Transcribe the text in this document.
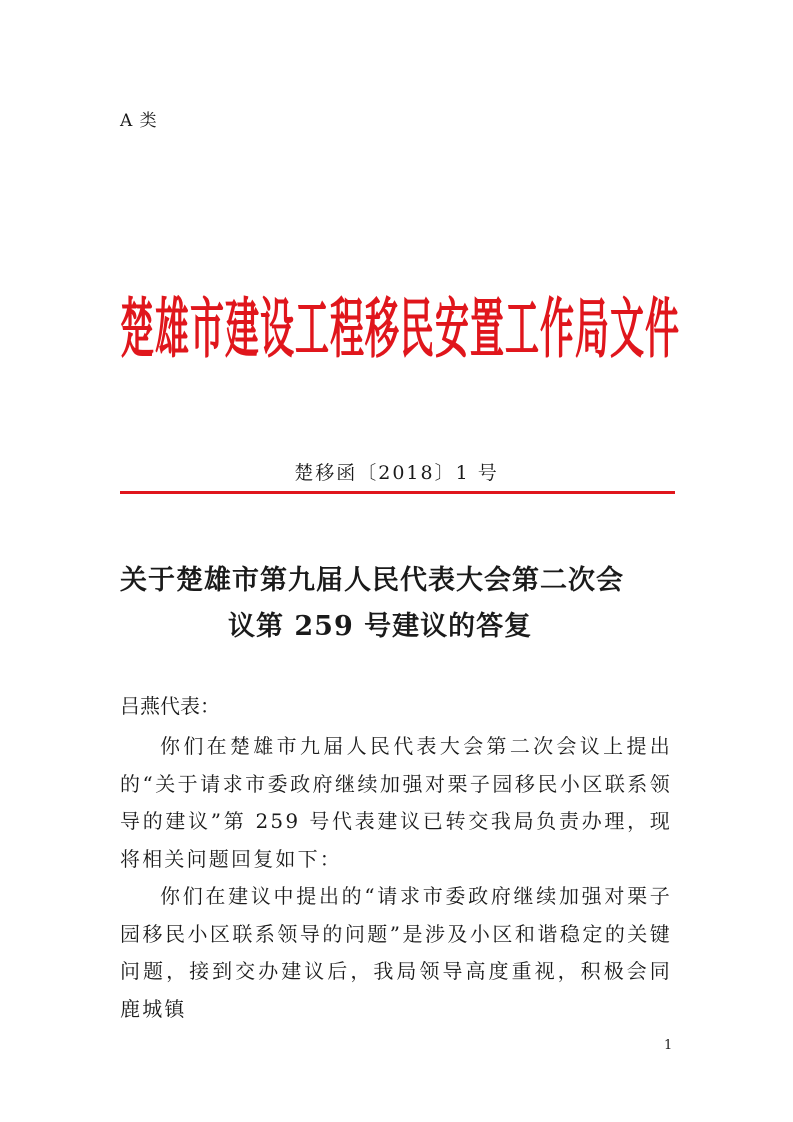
A 类
楚雄市建设工程移民安置工作局文件
楚移函〔2018〕1 号
关于楚雄市第九届人民代表大会第二次会
议第 259 号建议的答复
吕燕代表：

你们在楚雄市九届人民代表大会第二次会议上提出的“关于请求市委政府继续加强对栗子园移民小区联系领导的建议”第 259 号代表建议已转交我局负责办理，现将相关问题回复如下：

你们在建议中提出的“请求市委政府继续加强对栗子园移民小区联系领导的问题”是涉及小区和谐稳定的关键问题，接到交办建议后，我局领导高度重视，积极会同鹿城镇

1
